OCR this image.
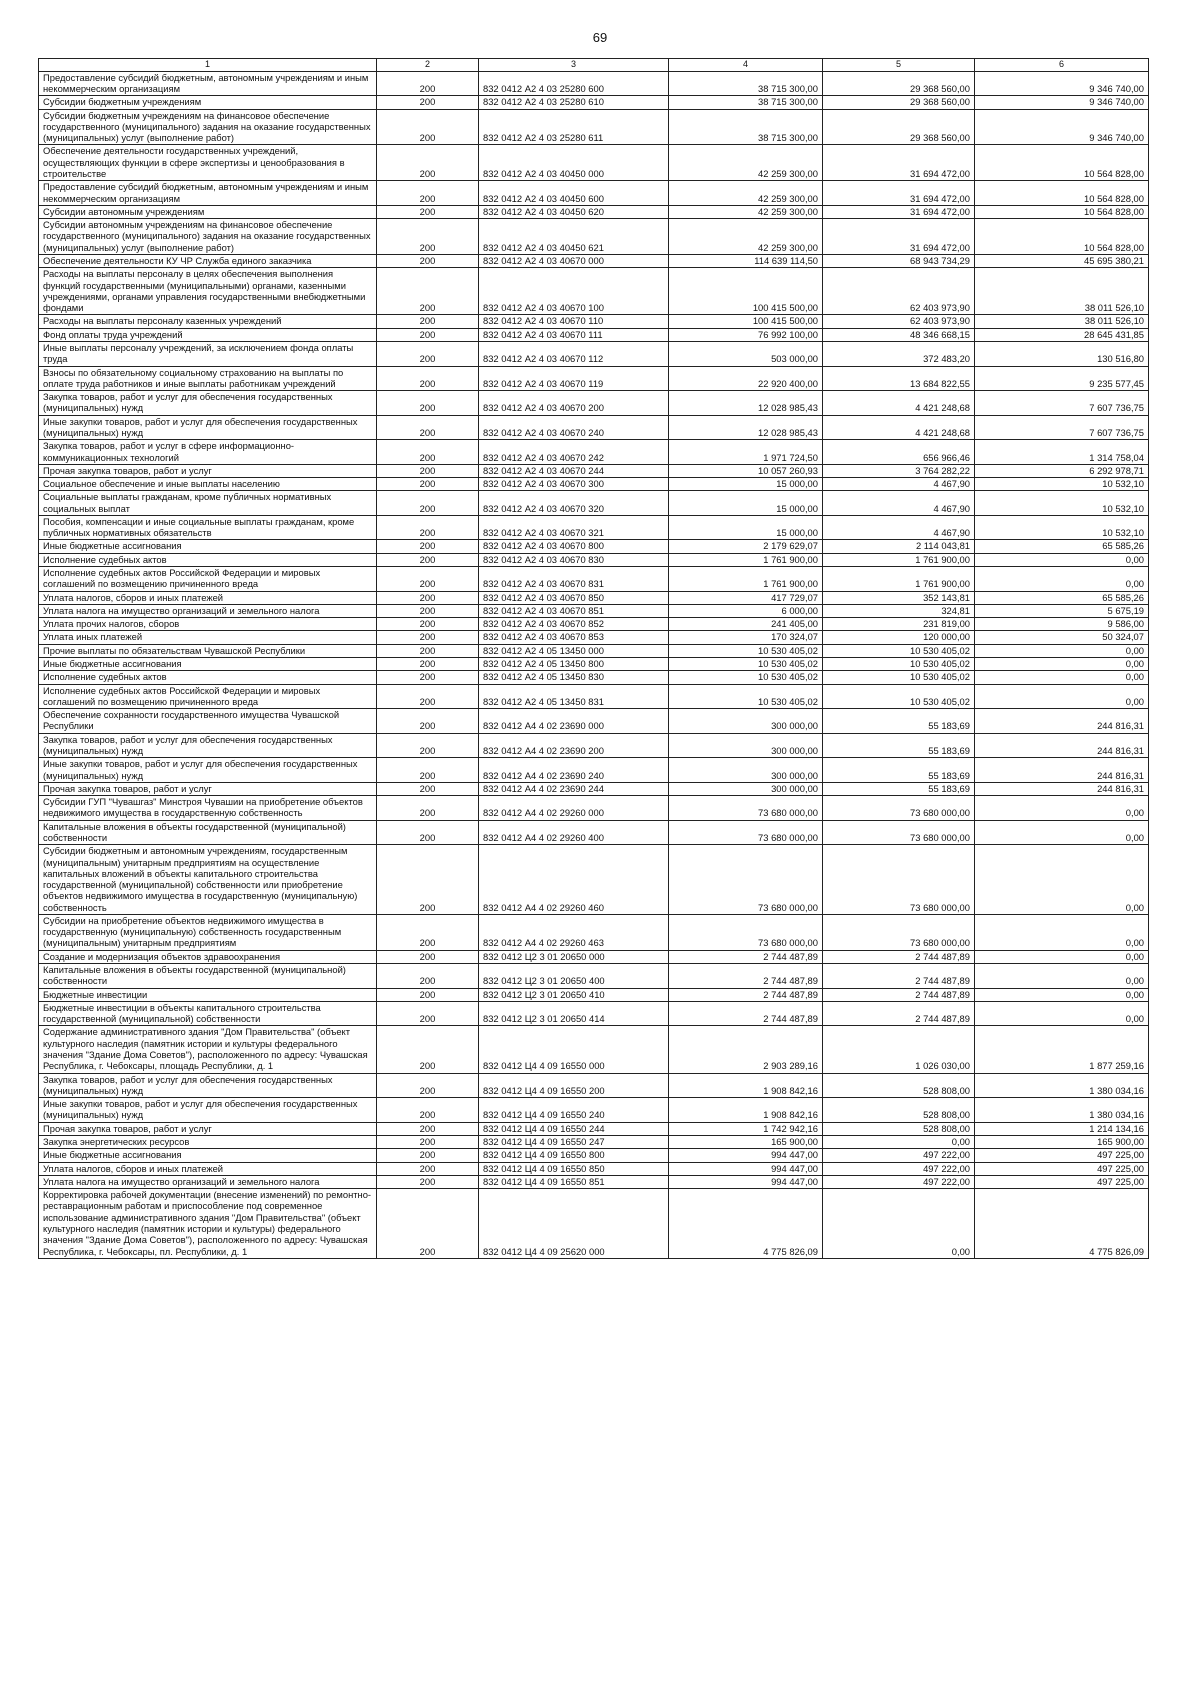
69
1	2	3	4	5	6
Предоставление субсидий бюджетным, автономным учреждениям и иным некоммерческим организациям	200	832 0412 А2 4 03 25280 600	38 715 300,00	29 368 560,00	9 346 740,00
Субсидии бюджетным учреждениям	200	832 0412 А2 4 03 25280 610	38 715 300,00	29 368 560,00	9 346 740,00
Субсидии бюджетным учреждениям на финансовое обеспечение государственного (муниципального) задания на оказание государственных (муниципальных) услуг (выполнение работ)	200	832 0412 А2 4 03 25280 611	38 715 300,00	29 368 560,00	9 346 740,00
Обеспечение деятельности государственных учреждений, осуществляющих функции в сфере экспертизы и ценообразования в строительстве	200	832 0412 А2 4 03 40450 000	42 259 300,00	31 694 472,00	10 564 828,00
Предоставление субсидий бюджетным, автономным учреждениям и иным некоммерческим организациям	200	832 0412 А2 4 03 40450 600	42 259 300,00	31 694 472,00	10 564 828,00
Субсидии автономным учреждениям	200	832 0412 А2 4 03 40450 620	42 259 300,00	31 694 472,00	10 564 828,00
Субсидии автономным учреждениям на финансовое обеспечение государственного (муниципального) задания на оказание государственных (муниципальных) услуг (выполнение работ)	200	832 0412 А2 4 03 40450 621	42 259 300,00	31 694 472,00	10 564 828,00
Обеспечение деятельности КУ ЧР Служба единого заказчика	200	832 0412 А2 4 03 40670 000	114 639 114,50	68 943 734,29	45 695 380,21
Расходы на выплаты персоналу в целях обеспечения выполнения функций государственными (муниципальными) органами, казенными учреждениями, органами управления государственными внебюджетными фондами	200	832 0412 А2 4 03 40670 100	100 415 500,00	62 403 973,90	38 011 526,10
Расходы на выплаты персоналу казенных учреждений	200	832 0412 А2 4 03 40670 110	100 415 500,00	62 403 973,90	38 011 526,10
Фонд оплаты труда учреждений	200	832 0412 А2 4 03 40670 111	76 992 100,00	48 346 668,15	28 645 431,85
Иные выплаты персоналу учреждений, за исключением фонда оплаты труда	200	832 0412 А2 4 03 40670 112	503 000,00	372 483,20	130 516,80
Взносы по обязательному социальному страхованию на выплаты по оплате труда работников и иные выплаты работникам учреждений	200	832 0412 А2 4 03 40670 119	22 920 400,00	13 684 822,55	9 235 577,45
Закупка товаров, работ и услуг для обеспечения государственных (муниципальных) нужд	200	832 0412 А2 4 03 40670 200	12 028 985,43	4 421 248,68	7 607 736,75
Иные закупки товаров, работ и услуг для обеспечения государственных (муниципальных) нужд	200	832 0412 А2 4 03 40670 240	12 028 985,43	4 421 248,68	7 607 736,75
Закупка товаров, работ и услуг в сфере информационно-коммуникационных технологий	200	832 0412 А2 4 03 40670 242	1 971 724,50	656 966,46	1 314 758,04
Прочая закупка товаров, работ и услуг	200	832 0412 А2 4 03 40670 244	10 057 260,93	3 764 282,22	6 292 978,71
Социальное обеспечение и иные выплаты населению	200	832 0412 А2 4 03 40670 300	15 000,00	4 467,90	10 532,10
Социальные выплаты гражданам, кроме публичных нормативных социальных выплат	200	832 0412 А2 4 03 40670 320	15 000,00	4 467,90	10 532,10
Пособия, компенсации и иные социальные выплаты гражданам, кроме публичных нормативных обязательств	200	832 0412 А2 4 03 40670 321	15 000,00	4 467,90	10 532,10
Иные бюджетные ассигнования	200	832 0412 А2 4 03 40670 800	2 179 629,07	2 114 043,81	65 585,26
Исполнение судебных актов	200	832 0412 А2 4 03 40670 830	1 761 900,00	1 761 900,00	0,00
Исполнение судебных актов Российской Федерации и мировых соглашений по возмещению причиненного вреда	200	832 0412 А2 4 03 40670 831	1 761 900,00	1 761 900,00	0,00
Уплата налогов, сборов и иных платежей	200	832 0412 А2 4 03 40670 850	417 729,07	352 143,81	65 585,26
Уплата налога на имущество организаций и земельного налога	200	832 0412 А2 4 03 40670 851	6 000,00	324,81	5 675,19
Уплата прочих налогов, сборов	200	832 0412 А2 4 03 40670 852	241 405,00	231 819,00	9 586,00
Уплата иных платежей	200	832 0412 А2 4 03 40670 853	170 324,07	120 000,00	50 324,07
Прочие выплаты по обязательствам Чувашской Республики	200	832 0412 А2 4 05 13450 000	10 530 405,02	10 530 405,02	0,00
Иные бюджетные ассигнования	200	832 0412 А2 4 05 13450 800	10 530 405,02	10 530 405,02	0,00
Исполнение судебных актов	200	832 0412 А2 4 05 13450 830	10 530 405,02	10 530 405,02	0,00
Исполнение судебных актов Российской Федерации и мировых соглашений по возмещению причиненного вреда	200	832 0412 А2 4 05 13450 831	10 530 405,02	10 530 405,02	0,00
Обеспечение сохранности государственного имущества Чувашской Республики	200	832 0412 А4 4 02 23690 000	300 000,00	55 183,69	244 816,31
Закупка товаров, работ и услуг для обеспечения государственных (муниципальных) нужд	200	832 0412 А4 4 02 23690 200	300 000,00	55 183,69	244 816,31
Иные закупки товаров, работ и услуг для обеспечения государственных (муниципальных) нужд	200	832 0412 А4 4 02 23690 240	300 000,00	55 183,69	244 816,31
Прочая закупка товаров, работ и услуг	200	832 0412 А4 4 02 23690 244	300 000,00	55 183,69	244 816,31
Субсидии ГУП "Чувашгаз" Минстроя Чувашии на приобретение объектов недвижимого имущества в государственную собственность	200	832 0412 А4 4 02 29260 000	73 680 000,00	73 680 000,00	0,00
Капитальные вложения в объекты государственной (муниципальной) собственности	200	832 0412 А4 4 02 29260 400	73 680 000,00	73 680 000,00	0,00
Субсидии бюджетным и автономным учреждениям, государственным (муниципальным) унитарным предприятиям на осуществление капитальных вложений в объекты капитального строительства государственной (муниципальной) собственности или приобретение объектов недвижимого имущества в государственную (муниципальную) собственность	200	832 0412 А4 4 02 29260 460	73 680 000,00	73 680 000,00	0,00
Субсидии на приобретение объектов недвижимого имущества в государственную (муниципальную) собственность государственным (муниципальным) унитарным предприятиям	200	832 0412 А4 4 02 29260 463	73 680 000,00	73 680 000,00	0,00
Создание и модернизация объектов здравоохранения	200	832 0412 Ц2 3 01 20650 000	2 744 487,89	2 744 487,89	0,00
Капитальные вложения в объекты государственной (муниципальной) собственности	200	832 0412 Ц2 3 01 20650 400	2 744 487,89	2 744 487,89	0,00
Бюджетные инвестиции	200	832 0412 Ц2 3 01 20650 410	2 744 487,89	2 744 487,89	0,00
Бюджетные инвестиции в объекты капитального строительства государственной (муниципальной) собственности	200	832 0412 Ц2 3 01 20650 414	2 744 487,89	2 744 487,89	0,00
Содержание административного здания "Дом Правительства" (объект культурного наследия (памятник истории и культуры федерального значения "Здание Дома Советов"), расположенного по адресу: Чувашская Республика, г. Чебоксары, площадь Республики, д. 1	200	832 0412 Ц4 4 09 16550 000	2 903 289,16	1 026 030,00	1 877 259,16
Закупка товаров, работ и услуг для обеспечения государственных (муниципальных) нужд	200	832 0412 Ц4 4 09 16550 200	1 908 842,16	528 808,00	1 380 034,16
Иные закупки товаров, работ и услуг для обеспечения государственных (муниципальных) нужд	200	832 0412 Ц4 4 09 16550 240	1 908 842,16	528 808,00	1 380 034,16
Прочая закупка товаров, работ и услуг	200	832 0412 Ц4 4 09 16550 244	1 742 942,16	528 808,00	1 214 134,16
Закупка энергетических ресурсов	200	832 0412 Ц4 4 09 16550 247	165 900,00	0,00	165 900,00
Иные бюджетные ассигнования	200	832 0412 Ц4 4 09 16550 800	994 447,00	497 222,00	497 225,00
Уплата налогов, сборов и иных платежей	200	832 0412 Ц4 4 09 16550 850	994 447,00	497 222,00	497 225,00
Уплата налога на имущество организаций и земельного налога	200	832 0412 Ц4 4 09 16550 851	994 447,00	497 222,00	497 225,00
Корректировка рабочей документации (внесение изменений) по ремонтно-реставрационным работам и приспособление под современное использование административного здания "Дом Правительства" (объект культурного наследия (памятник истории и культуры) федерального значения "Здание Дома Советов"), расположенного по адресу: Чувашская Республика, г. Чебоксары, пл. Республики, д. 1	200	832 0412 Ц4 4 09 25620 000	4 775 826,09	0,00	4 775 826,09
